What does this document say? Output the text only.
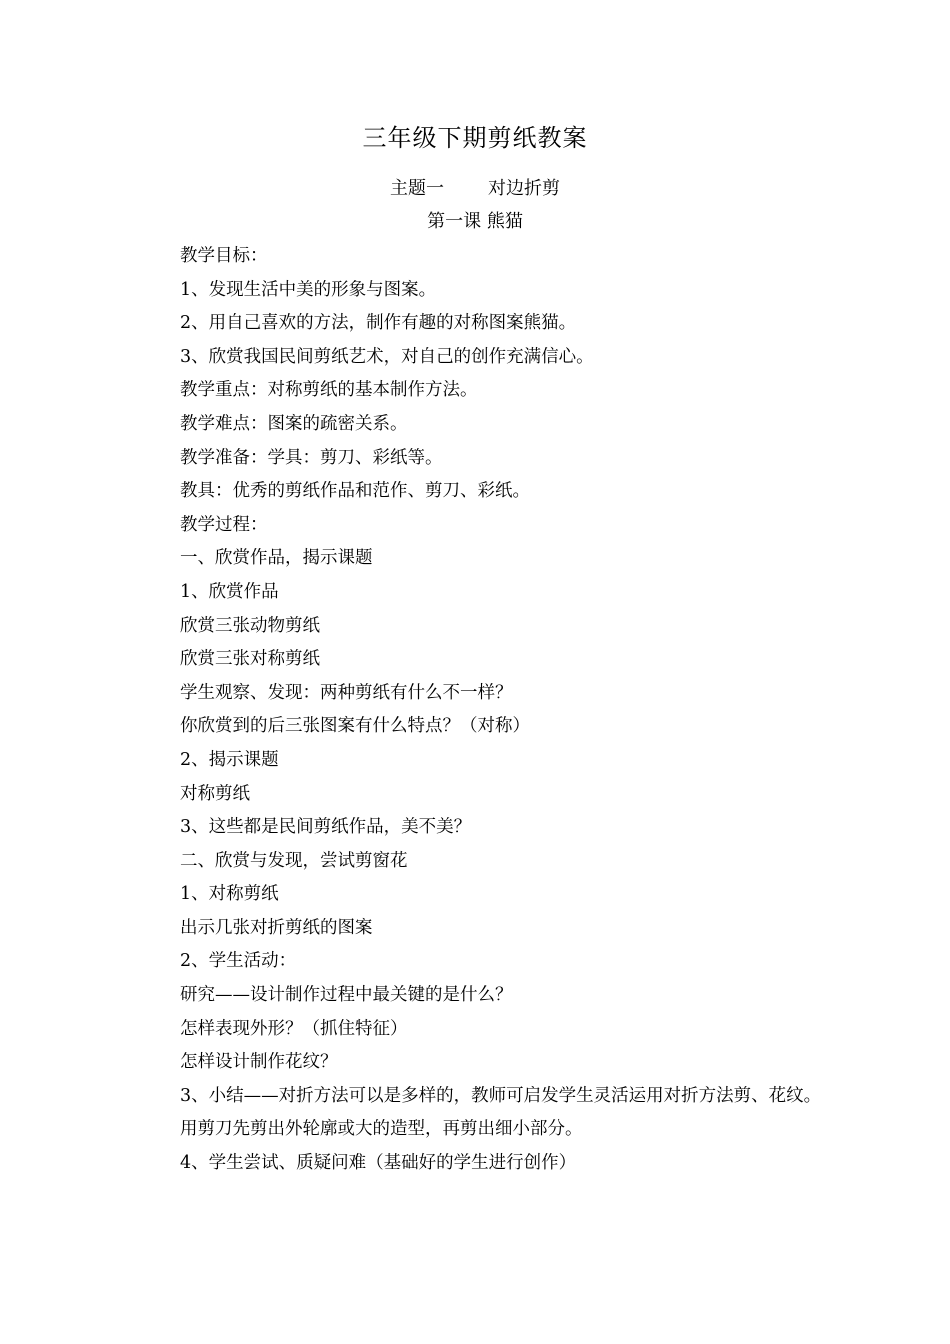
三年级下期剪纸教案
主题一 对边折剪
第一课 熊猫

教学目标：

1、发现生活中美的形象与图案。

2、用自己喜欢的方法，制作有趣的对称图案熊猫。

3、欣赏我国民间剪纸艺术，对自己的创作充满信心。

教学重点：对称剪纸的基本制作方法。

教学难点：图案的疏密关系。

教学准备：学具：剪刀、彩纸等。

教具：优秀的剪纸作品和范作、剪刀、彩纸。

教学过程：

一、欣赏作品，揭示课题

1、欣赏作品

欣赏三张动物剪纸

欣赏三张对称剪纸

学生观察、发现：两种剪纸有什么不一样？

你欣赏到的后三张图案有什么特点？（对称）

2、揭示课题

对称剪纸

3、这些都是民间剪纸作品，美不美？

二、欣赏与发现，尝试剪窗花

1、对称剪纸

出示几张对折剪纸的图案

2、学生活动：

研究——设计制作过程中最关键的是什么？

怎样表现外形？（抓住特征）

怎样设计制作花纹？

3、小结——对折方法可以是多样的，教师可启发学生灵活运用对折方法剪、花纹。

用剪刀先剪出外轮廓或大的造型，再剪出细小部分。

4、学生尝试、质疑问难（基础好的学生进行创作）
